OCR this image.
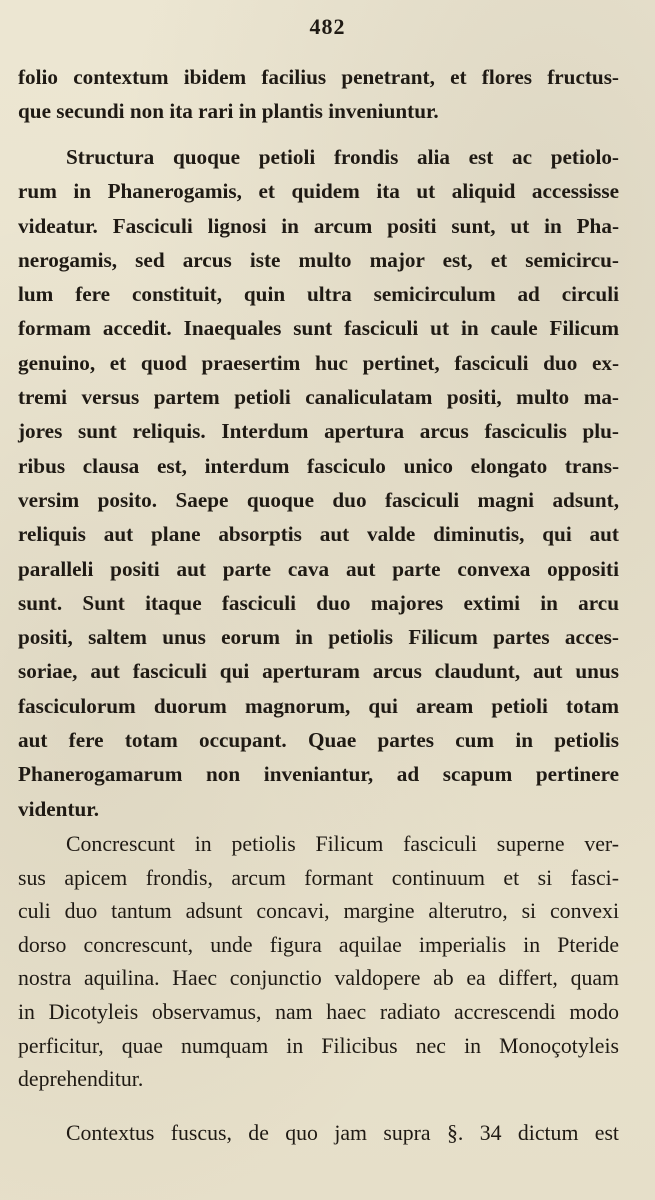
482
folio contextum ibidem facilius penetrant, et flores fructus-
que secundi non ita rari in plantis inveniuntur.
Structura quoque petioli frondis alia est ac petiolo-
rum in Phanerogamis, et quidem ita ut aliquid accessisse
videatur. Fasciculi lignosi in arcum positi sunt, ut in Pha-
nerogamis, sed arcus iste multo major est, et semicircu-
lum fere constituit, quin ultra semicirculum ad circuli
formam accedit. Inaequales sunt fasciculi ut in caule Filicum
genuino, et quod praesertim huc pertinet, fasciculi duo ex-
tremi versus partem petioli canaliculatam positi, multo ma-
jores sunt reliquis. Interdum apertura arcus fasciculis plu-
ribus clausa est, interdum fasciculo unico elongato trans-
versim posito. Saepe quoque duo fasciculi magni adsunt,
reliquis aut plane absorptis aut valde diminutis, qui aut
paralleli positi aut parte cava aut parte convexa oppositi
sunt. Sunt itaque fasciculi duo majores extimi in arcu
positi, saltem unus eorum in petiolis Filicum partes acces-
soriae, aut fasciculi qui aperturam arcus claudunt, aut unus
fasciculorum duorum magnorum, qui aream petioli totam
aut fere totam occupant. Quae partes cum in petiolis
Phanerogamarum non inveniantur, ad scapum pertinere
videntur.
Concrescunt in petiolis Filicum fasciculi superne ver-
sus apicem frondis, arcum formant continuum et si fasci-
culi duo tantum adsunt concavi, margine alterutro, si convexi
dorso concrescunt, unde figura aquilae imperialis in Pteride
nostra aquilina. Haec conjunctio valdopere ab ea differt, quam
in Dicotyleis observamus, nam haec radiato accrescendi modo
perficitur, quae numquam in Filicibus nec in Monoçotyleis
deprehenditur.
Contextus fuscus, de quo jam supra §. 34 dictum est
